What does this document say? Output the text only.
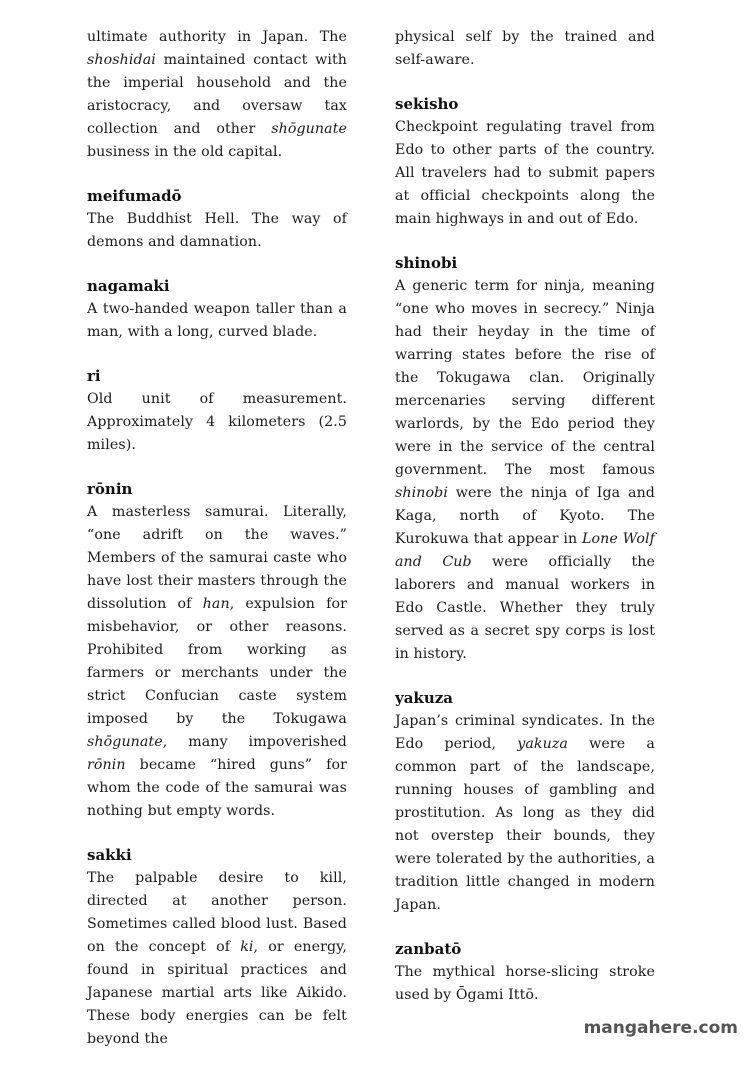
ultimate authority in Japan. The shoshidai maintained contact with the imperial household and the aristocracy, and oversaw tax collection and other shōgunate business in the old capital.
meifumadō
The Buddhist Hell. The way of demons and damnation.
nagamaki
A two-handed weapon taller than a man, with a long, curved blade.
ri
Old unit of measurement. Approximately 4 kilometers (2.5 miles).
rōnin
A masterless samurai. Literally, “one adrift on the waves.” Members of the samurai caste who have lost their masters through the dissolution of han, expulsion for misbehavior, or other reasons. Prohibited from working as farmers or merchants under the strict Confucian caste system imposed by the Tokugawa shōgunate, many impoverished rōnin became “hired guns” for whom the code of the samurai was nothing but empty words.
sakki
The palpable desire to kill, directed at another person. Sometimes called blood lust. Based on the concept of ki, or energy, found in spiritual practices and Japanese martial arts like Aikido. These body energies can be felt beyond the
physical self by the trained and self-aware.
sekisho
Checkpoint regulating travel from Edo to other parts of the country. All travelers had to submit papers at official checkpoints along the main highways in and out of Edo.
shinobi
A generic term for ninja, meaning “one who moves in secrecy.” Ninja had their heyday in the time of warring states before the rise of the Tokugawa clan. Originally mercenaries serving different warlords, by the Edo period they were in the service of the central government. The most famous shinobi were the ninja of Iga and Kaga, north of Kyoto. The Kurokuwa that appear in Lone Wolf and Cub were officially the laborers and manual workers in Edo Castle. Whether they truly served as a secret spy corps is lost in history.
yakuza
Japan’s criminal syndicates. In the Edo period, yakuza were a common part of the landscape, running houses of gambling and prostitution. As long as they did not overstep their bounds, they were tolerated by the authorities, a tradition little changed in modern Japan.
zanbatō
The mythical horse-slicing stroke used by Ōgami Ittō.
mangahere.com
